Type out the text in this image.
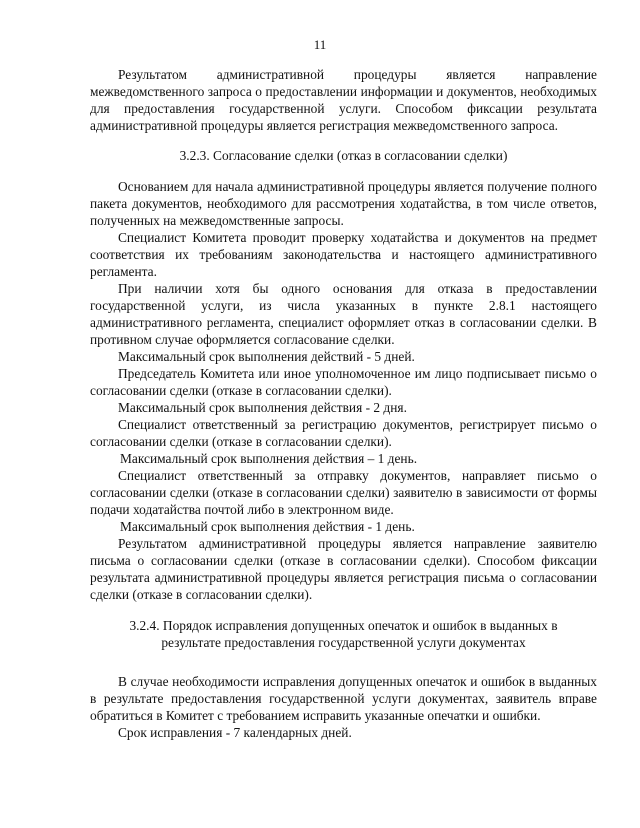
11

Результатом административной процедуры является направление межведомственного запроса о предоставлении информации и документов, необходимых для предоставления государственной услуги. Способом фиксации результата административной процедуры является регистрация межведомственного запроса.

3.2.3. Согласование сделки (отказ в согласовании сделки)

Основанием для начала административной процедуры является получение полного пакета документов, необходимого для рассмотрения ходатайства, в том числе ответов, полученных на межведомственные запросы.

Специалист Комитета проводит проверку ходатайства и документов на предмет соответствия их требованиям законодательства и настоящего административного регламента.

При наличии хотя бы одного основания для отказа в предоставлении государственной услуги, из числа указанных в пункте 2.8.1 настоящего административного регламента, специалист оформляет отказ в согласовании сделки. В противном случае оформляется согласование сделки.

Максимальный срок выполнения действий - 5 дней.

Председатель Комитета или иное уполномоченное им лицо подписывает письмо о согласовании сделки (отказе в согласовании сделки).

Максимальный срок выполнения действия - 2 дня.

Специалист ответственный за регистрацию документов, регистрирует письмо о согласовании сделки (отказе в согласовании сделки).

Максимальный срок выполнения действия – 1 день.

Специалист ответственный за отправку документов, направляет письмо о согласовании сделки (отказе в согласовании сделки) заявителю в зависимости от формы подачи ходатайства почтой либо в электронном виде.

Максимальный срок выполнения действия - 1 день.

Результатом административной процедуры является направление заявителю письма о согласовании сделки (отказе в согласовании сделки). Способом фиксации результата административной процедуры является регистрация письма о согласовании сделки (отказе в согласовании сделки).

3.2.4. Порядок исправления допущенных опечаток и ошибок в выданных в

результате предоставления государственной услуги документах

В случае необходимости исправления допущенных опечаток и ошибок в выданных в результате предоставления государственной услуги документах, заявитель вправе обратиться в Комитет с требованием исправить указанные опечатки и ошибки.

Срок исправления - 7 календарных дней.
